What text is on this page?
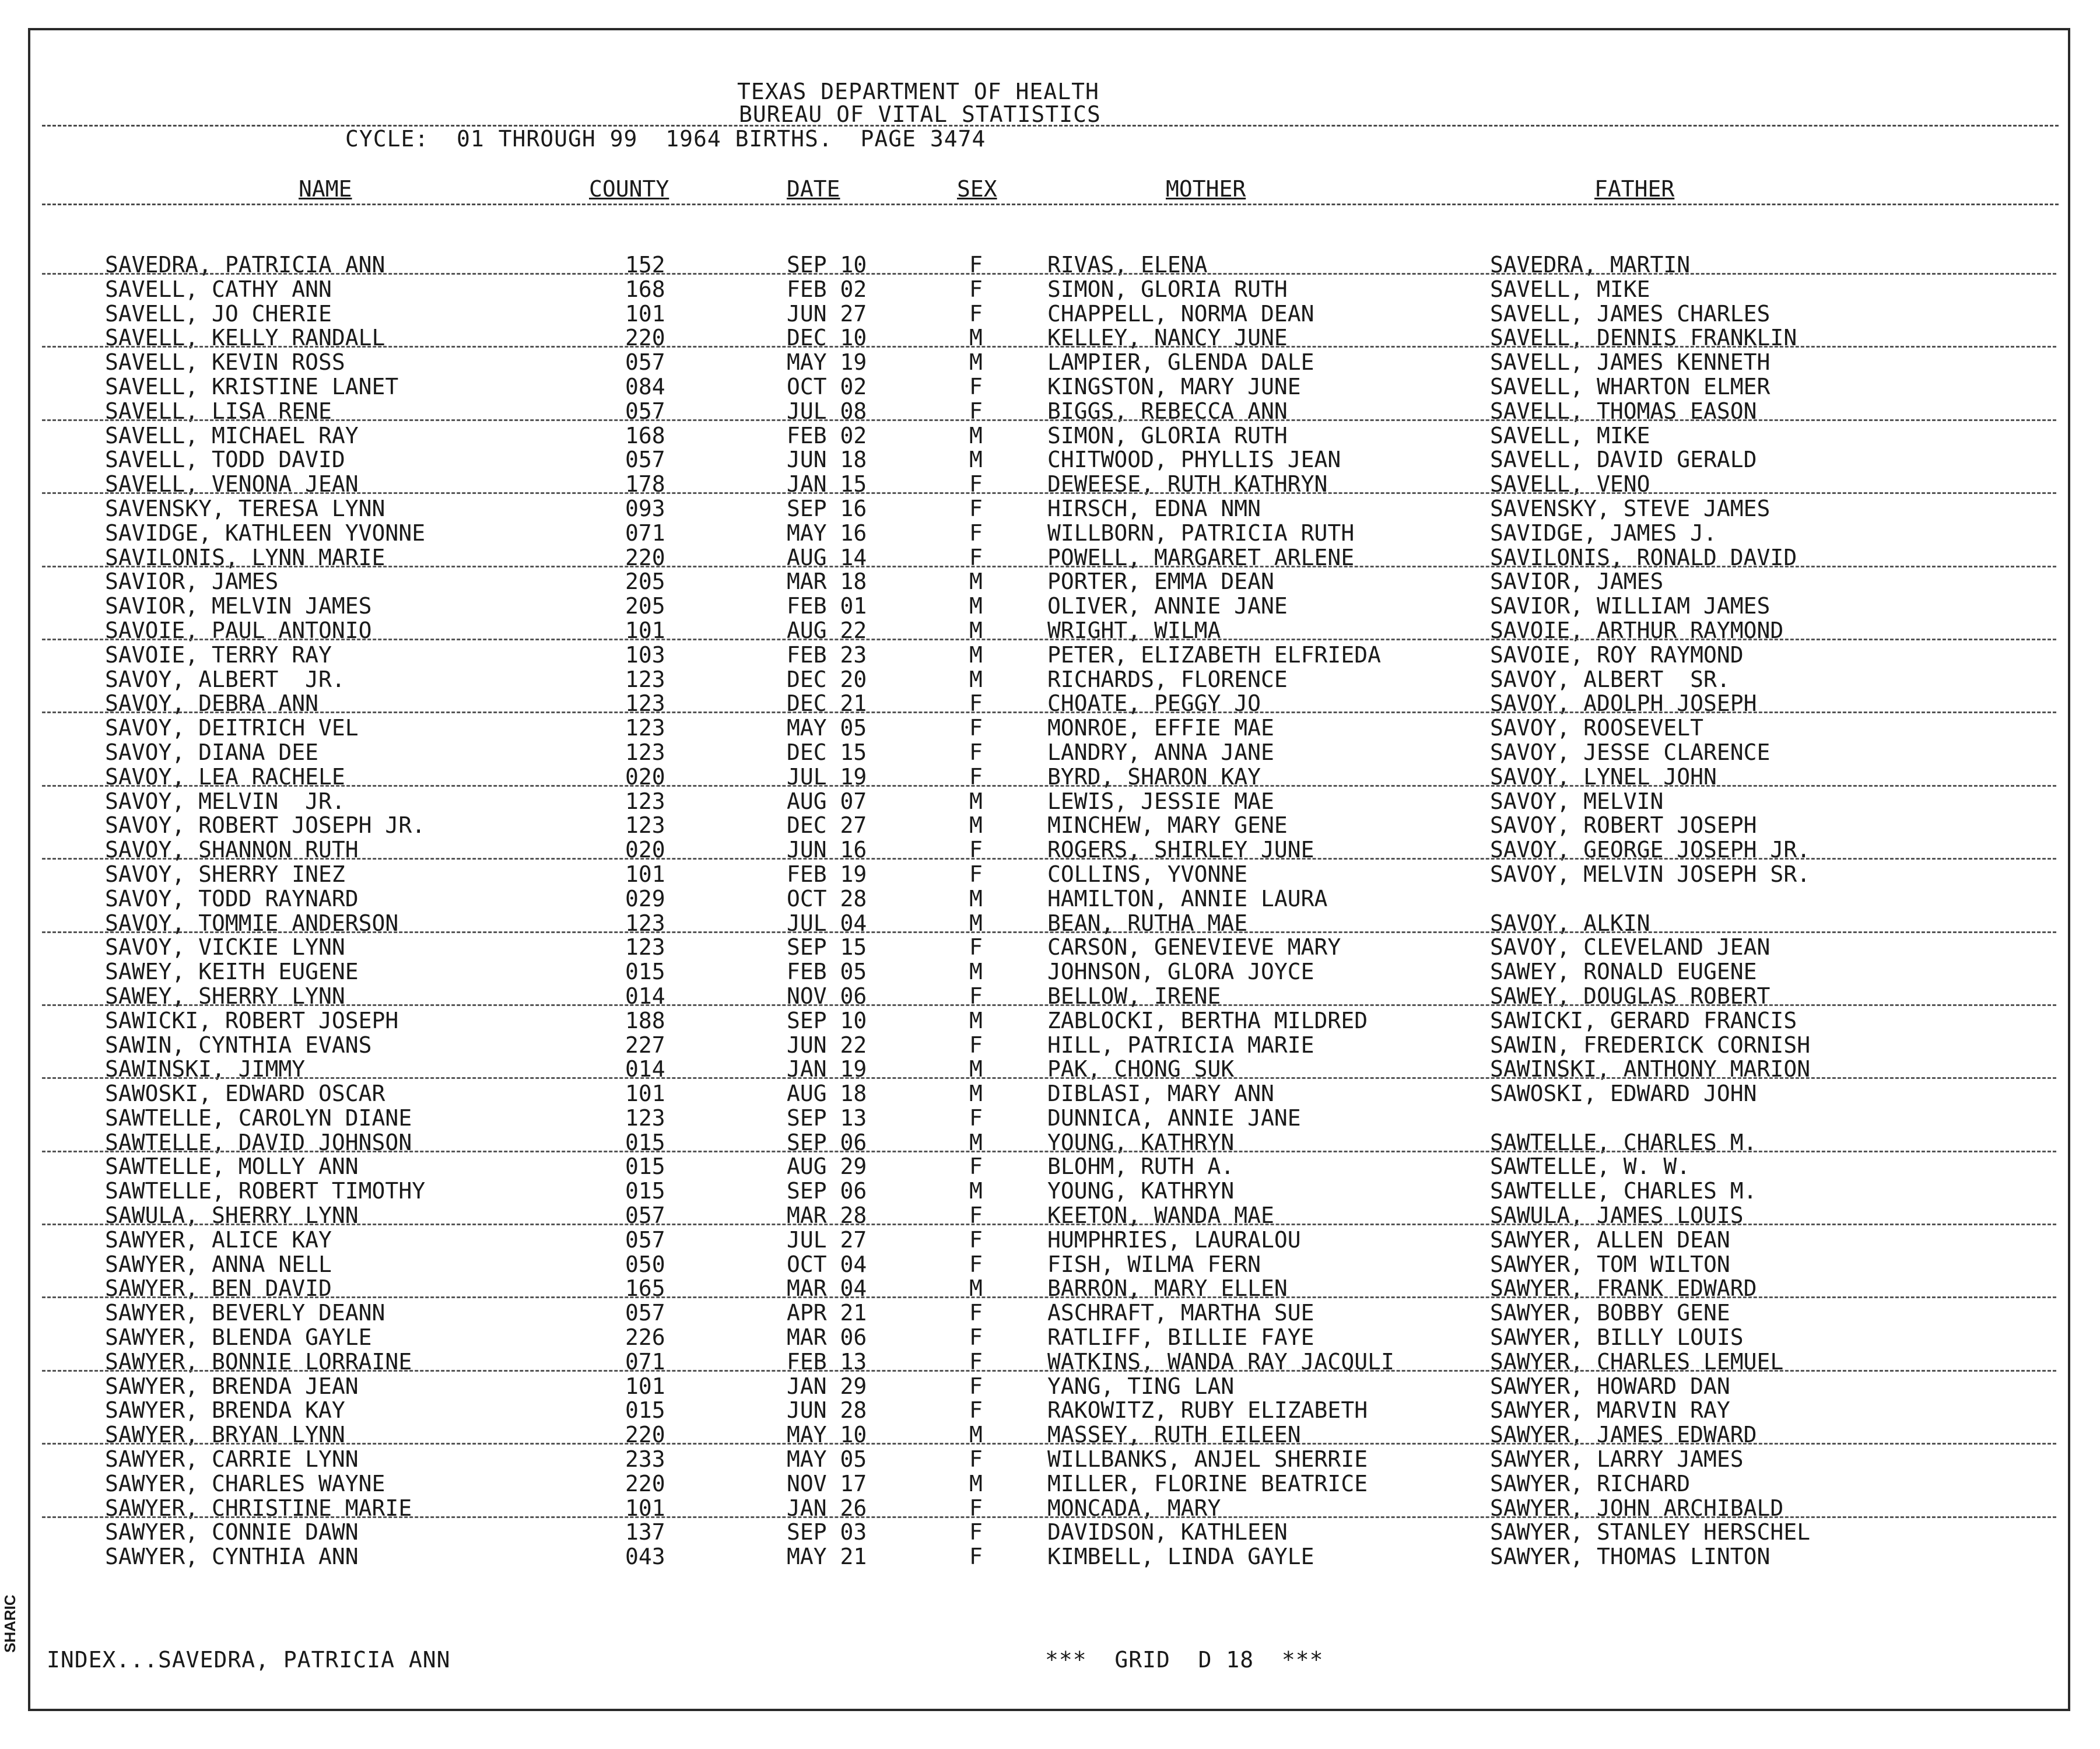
TEXAS DEPARTMENT OF HEALTH
BUREAU OF VITAL STATISTICS
CYCLE:  01 THROUGH 99  1964 BIRTHS.  PAGE 3474
NAME	COUNTY	DATE	SEX	MOTHER	FATHER
SAVEDRA, PATRICIA ANN	152	SEP 10	F	RIVAS, ELENA	SAVEDRA, MARTIN
SAVELL, CATHY ANN	168	FEB 02	F	SIMON, GLORIA RUTH	SAVELL, MIKE
SAVELL, JO CHERIE	101	JUN 27	F	CHAPPELL, NORMA DEAN	SAVELL, JAMES CHARLES
SAVELL, KELLY RANDALL	220	DEC 10	M	KELLEY, NANCY JUNE	SAVELL, DENNIS FRANKLIN
SAVELL, KEVIN ROSS	057	MAY 19	M	LAMPIER, GLENDA DALE	SAVELL, JAMES KENNETH
SAVELL, KRISTINE LANET	084	OCT 02	F	KINGSTON, MARY JUNE	SAVELL, WHARTON ELMER
SAVELL, LISA RENE	057	JUL 08	F	BIGGS, REBECCA ANN	SAVELL, THOMAS EASON
SAVELL, MICHAEL RAY	168	FEB 02	M	SIMON, GLORIA RUTH	SAVELL, MIKE
SAVELL, TODD DAVID	057	JUN 18	M	CHITWOOD, PHYLLIS JEAN	SAVELL, DAVID GERALD
SAVELL, VENONA JEAN	178	JAN 15	F	DEWEESE, RUTH KATHRYN	SAVELL, VENO
SAVENSKY, TERESA LYNN	093	SEP 16	F	HIRSCH, EDNA NMN	SAVENSKY, STEVE JAMES
SAVIDGE, KATHLEEN YVONNE	071	MAY 16	F	WILLBORN, PATRICIA RUTH	SAVIDGE, JAMES J.
SAVILONIS, LYNN MARIE	220	AUG 14	F	POWELL, MARGARET ARLENE	SAVILONIS, RONALD DAVID
SAVIOR, JAMES	205	MAR 18	M	PORTER, EMMA DEAN	SAVIOR, JAMES
SAVIOR, MELVIN JAMES	205	FEB 01	M	OLIVER, ANNIE JANE	SAVIOR, WILLIAM JAMES
SAVOIE, PAUL ANTONIO	101	AUG 22	M	WRIGHT, WILMA	SAVOIE, ARTHUR RAYMOND
SAVOIE, TERRY RAY	103	FEB 23	M	PETER, ELIZABETH ELFRIEDA	SAVOIE, ROY RAYMOND
SAVOY, ALBERT  JR.	123	DEC 20	M	RICHARDS, FLORENCE	SAVOY, ALBERT  SR.
SAVOY, DEBRA ANN	123	DEC 21	F	CHOATE, PEGGY JO	SAVOY, ADOLPH JOSEPH
SAVOY, DEITRICH VEL	123	MAY 05	F	MONROE, EFFIE MAE	SAVOY, ROOSEVELT
SAVOY, DIANA DEE	123	DEC 15	F	LANDRY, ANNA JANE	SAVOY, JESSE CLARENCE
SAVOY, LEA RACHELE	020	JUL 19	F	BYRD, SHARON KAY	SAVOY, LYNEL JOHN
SAVOY, MELVIN  JR.	123	AUG 07	M	LEWIS, JESSIE MAE	SAVOY, MELVIN
SAVOY, ROBERT JOSEPH JR.	123	DEC 27	M	MINCHEW, MARY GENE	SAVOY, ROBERT JOSEPH
SAVOY, SHANNON RUTH	020	JUN 16	F	ROGERS, SHIRLEY JUNE	SAVOY, GEORGE JOSEPH JR.
SAVOY, SHERRY INEZ	101	FEB 19	F	COLLINS, YVONNE	SAVOY, MELVIN JOSEPH SR.
SAVOY, TODD RAYNARD	029	OCT 28	M	HAMILTON, ANNIE LAURA
SAVOY, TOMMIE ANDERSON	123	JUL 04	M	BEAN, RUTHA MAE	SAVOY, ALKIN
SAVOY, VICKIE LYNN	123	SEP 15	F	CARSON, GENEVIEVE MARY	SAVOY, CLEVELAND JEAN
SAWEY, KEITH EUGENE	015	FEB 05	M	JOHNSON, GLORA JOYCE	SAWEY, RONALD EUGENE
SAWEY, SHERRY LYNN	014	NOV 06	F	BELLOW, IRENE	SAWEY, DOUGLAS ROBERT
SAWICKI, ROBERT JOSEPH	188	SEP 10	M	ZABLOCKI, BERTHA MILDRED	SAWICKI, GERARD FRANCIS
SAWIN, CYNTHIA EVANS	227	JUN 22	F	HILL, PATRICIA MARIE	SAWIN, FREDERICK CORNISH
SAWINSKI, JIMMY	014	JAN 19	M	PAK, CHONG SUK	SAWINSKI, ANTHONY MARION
SAWOSKI, EDWARD OSCAR	101	AUG 18	M	DIBLASI, MARY ANN	SAWOSKI, EDWARD JOHN
SAWTELLE, CAROLYN DIANE	123	SEP 13	F	DUNNICA, ANNIE JANE
SAWTELLE, DAVID JOHNSON	015	SEP 06	M	YOUNG, KATHRYN	SAWTELLE, CHARLES M.
SAWTELLE, MOLLY ANN	015	AUG 29	F	BLOHM, RUTH A.	SAWTELLE, W. W.
SAWTELLE, ROBERT TIMOTHY	015	SEP 06	M	YOUNG, KATHRYN	SAWTELLE, CHARLES M.
SAWULA, SHERRY LYNN	057	MAR 28	F	KEETON, WANDA MAE	SAWULA, JAMES LOUIS
SAWYER, ALICE KAY	057	JUL 27	F	HUMPHRIES, LAURALOU	SAWYER, ALLEN DEAN
SAWYER, ANNA NELL	050	OCT 04	F	FISH, WILMA FERN	SAWYER, TOM WILTON
SAWYER, BEN DAVID	165	MAR 04	M	BARRON, MARY ELLEN	SAWYER, FRANK EDWARD
SAWYER, BEVERLY DEANN	057	APR 21	F	ASCHRAFT, MARTHA SUE	SAWYER, BOBBY GENE
SAWYER, BLENDA GAYLE	226	MAR 06	F	RATLIFF, BILLIE FAYE	SAWYER, BILLY LOUIS
SAWYER, BONNIE LORRAINE	071	FEB 13	F	WATKINS, WANDA RAY JACQULI	SAWYER, CHARLES LEMUEL
SAWYER, BRENDA JEAN	101	JAN 29	F	YANG, TING LAN	SAWYER, HOWARD DAN
SAWYER, BRENDA KAY	015	JUN 28	F	RAKOWITZ, RUBY ELIZABETH	SAWYER, MARVIN RAY
SAWYER, BRYAN LYNN	220	MAY 10	M	MASSEY, RUTH EILEEN	SAWYER, JAMES EDWARD
SAWYER, CARRIE LYNN	233	MAY 05	F	WILLBANKS, ANJEL SHERRIE	SAWYER, LARRY JAMES
SAWYER, CHARLES WAYNE	220	NOV 17	M	MILLER, FLORINE BEATRICE	SAWYER, RICHARD
SAWYER, CHRISTINE MARIE	101	JAN 26	F	MONCADA, MARY	SAWYER, JOHN ARCHIBALD
SAWYER, CONNIE DAWN	137	SEP 03	F	DAVIDSON, KATHLEEN	SAWYER, STANLEY HERSCHEL
SAWYER, CYNTHIA ANN	043	MAY 21	F	KIMBELL, LINDA GAYLE	SAWYER, THOMAS LINTON
INDEX...SAVEDRA, PATRICIA ANN	***  GRID  D 18  ***
SHARIC
